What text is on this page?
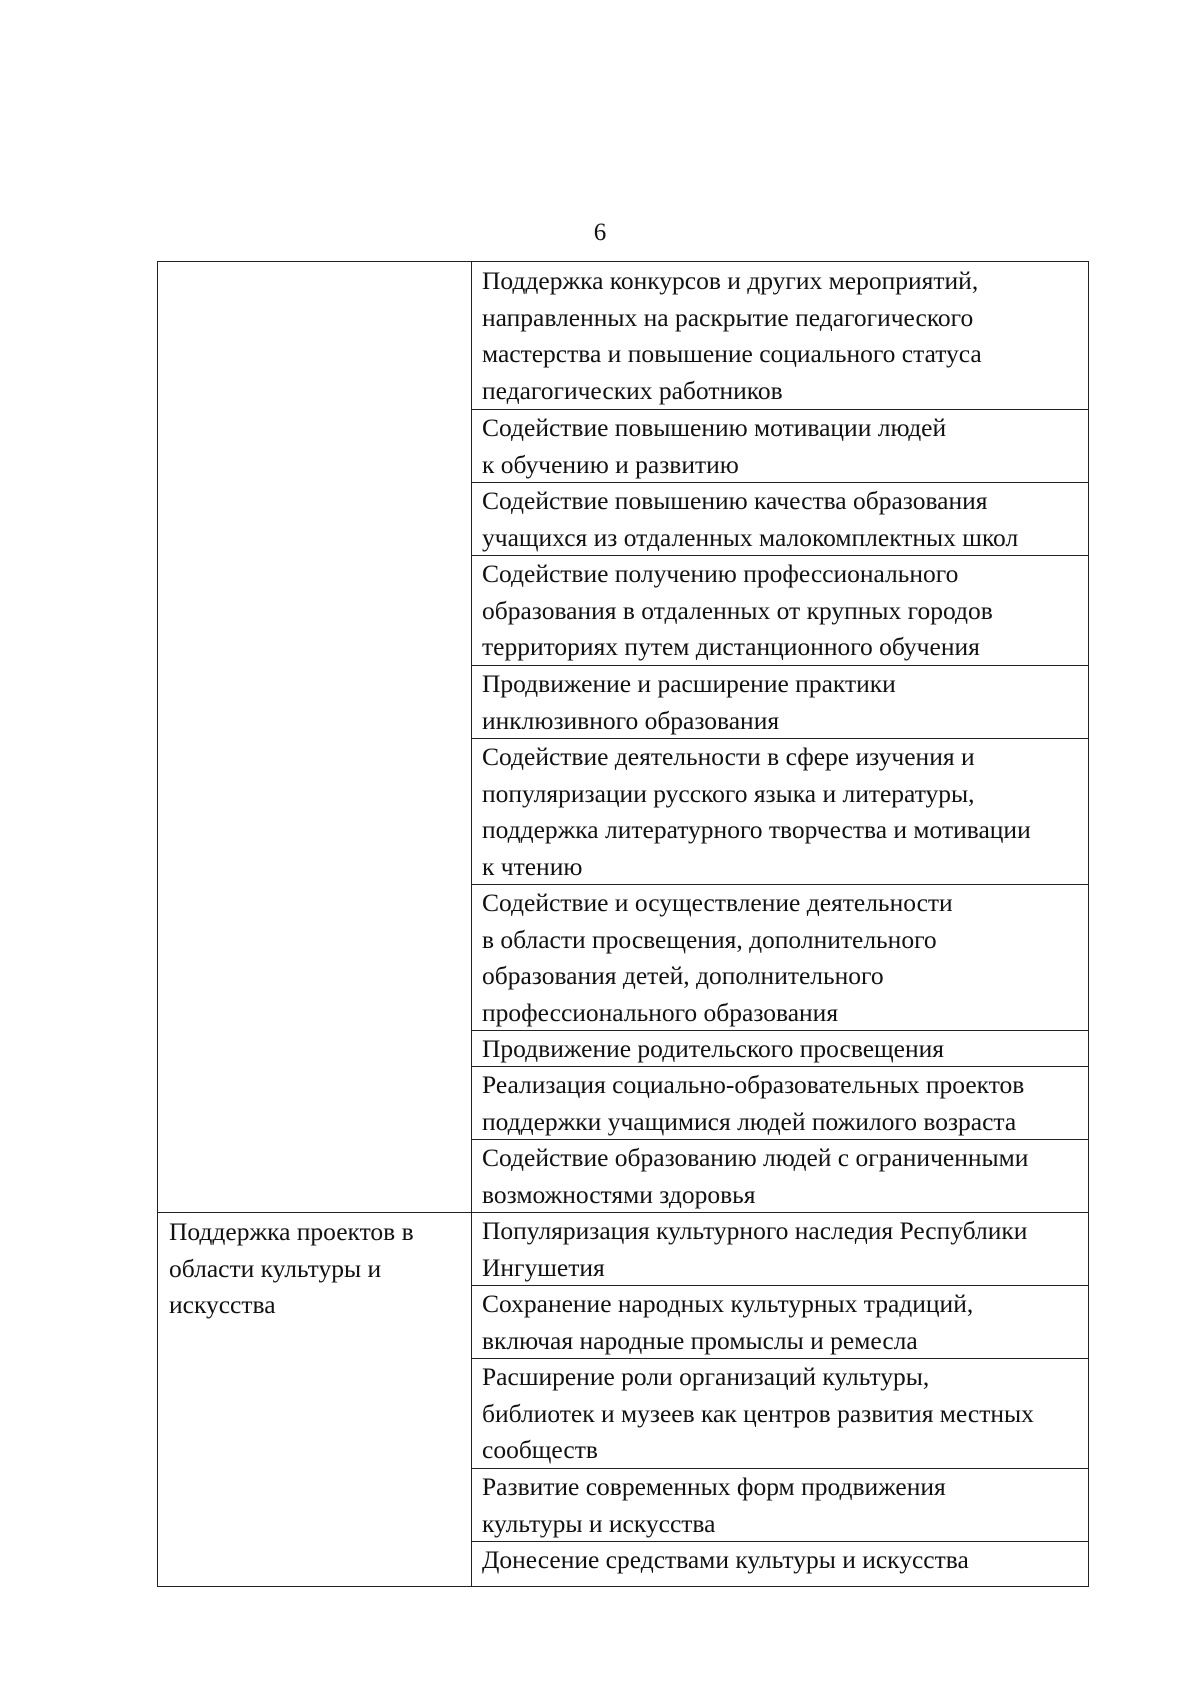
6
Поддержка проектов в
области культуры и
искусства
Поддержка конкурсов и других мероприятий,
направленных на раскрытие педагогического
мастерства и повышение социального статуса
педагогических работников
Содействие повышению мотивации людей
к обучению и развитию
Содействие повышению качества образования
учащихся из отдаленных малокомплектных школ
Содействие получению профессионального
образования в отдаленных от крупных городов
территориях путем дистанционного обучения
Продвижение и расширение практики
инклюзивного образования
Содействие деятельности в сфере изучения и
популяризации русского языка и литературы,
поддержка литературного творчества и мотивации
к чтению
Содействие и осуществление деятельности
в области просвещения, дополнительного
образования детей, дополнительного
профессионального образования
Продвижение родительского просвещения
Реализация социально-образовательных проектов
поддержки учащимися людей пожилого возраста
Содействие образованию людей с ограниченными
возможностями здоровья
Популяризация культурного наследия Республики
Ингушетия
Сохранение народных культурных традиций,
включая народные промыслы и ремесла
Расширение роли организаций культуры,
библиотек и музеев как центров развития местных
сообществ
Развитие современных форм продвижения
культуры и искусства
Донесение средствами культуры и искусства
